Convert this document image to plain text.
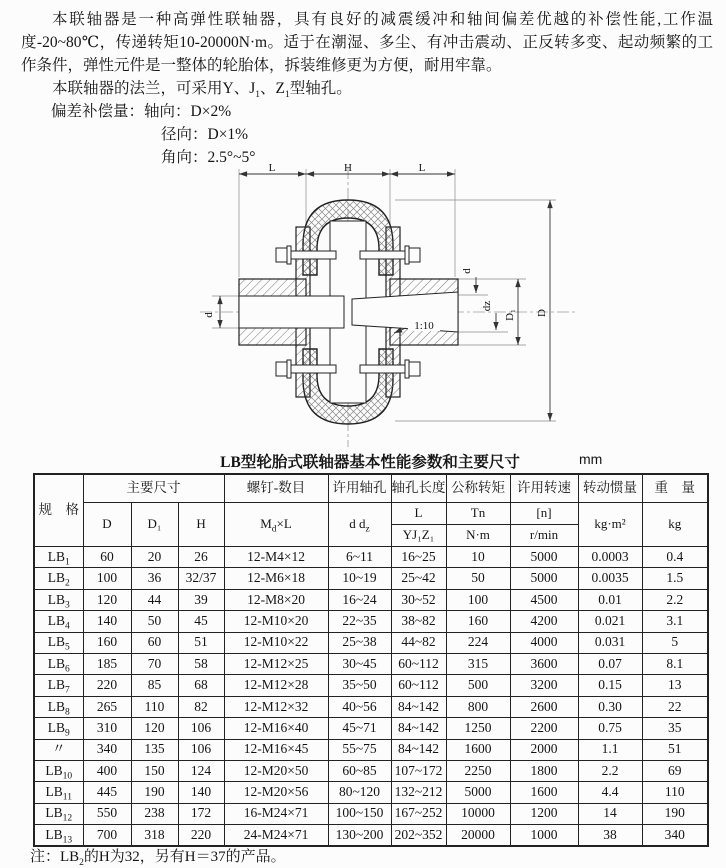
本联轴器是一种高弹性联轴器，具有良好的减震缓冲和轴间偏差优越的补偿性能,工作温度-20~80℃，传递转矩10-20000N·m。适于在潮湿、多尘、有冲击震动、正反转多变、起动频繁的工作条件，弹性元件是一整体的轮胎体，拆装维修更为方便，耐用牢靠。

本联轴器的法兰，可采用Y、$J_1$、$Z_1$型轴孔。

偏差补偿量：轴向：D×2%
径向：D×1%
角向：2.5°~5°
L	H	L
d
d
dz
D₁ D
1:10
LB型轮胎式联轴器基本性能参数和主要尺寸	mm
规　格	主要尺寸			螺钉-数目	许用轴孔	轴孔长度	公称转矩	许用转速	转动惯量	重　量
	D	D₁	H	$M_d\times L$	d $d_z$	L	Tn	[n]	kg·m²	kg
						YJ₁Z₁	N·m	r/min		
$LB_1$	60	20	26	12-M4×12	6~11	16~25	10	5000	0.0003	0.4
$LB_2$	100	36	32/37	12-M6×18	10~19	25~42	50	5000	0.0035	1.5
$LB_3$	120	44	39	12-M8×20	16~24	30~52	100	4500	0.01	2.2
$LB_4$	140	50	45	12-M10×20	22~35	38~82	160	4200	0.021	3.1
$LB_5$	160	60	51	12-M10×22	25~38	44~82	224	4000	0.031	5
$LB_6$	185	70	58	12-M12×25	30~45	60~112	315	3600	0.07	8.1
$LB_7$	220	85	68	12-M12×28	35~50	60~112	500	3200	0.15	13
$LB_8$	265	110	82	12-M12×32	40~56	84~142	800	2600	0.30	22
$LB_9$	310	120	106	12-M16×40	45~71	84~142	1250	2200	0.75	35
〃	340	135	106	12-M16×45	55~75	84~142	1600	2000	1.1	51
$LB_{10}$	400	150	124	12-M20×50	60~85	107~172	2250	1800	2.2	69
$LB_{11}$	445	190	140	12-M20×56	80~120	132~212	5000	1600	4.4	110
$LB_{12}$	550	238	172	16-M24×71	100~150	167~252	10000	1200	14	190
$LB_{13}$	700	318	220	24-M24×71	130~200	202~352	20000	1000	38	340
注：$LB_2$的H为32，另有H＝37的产品。
